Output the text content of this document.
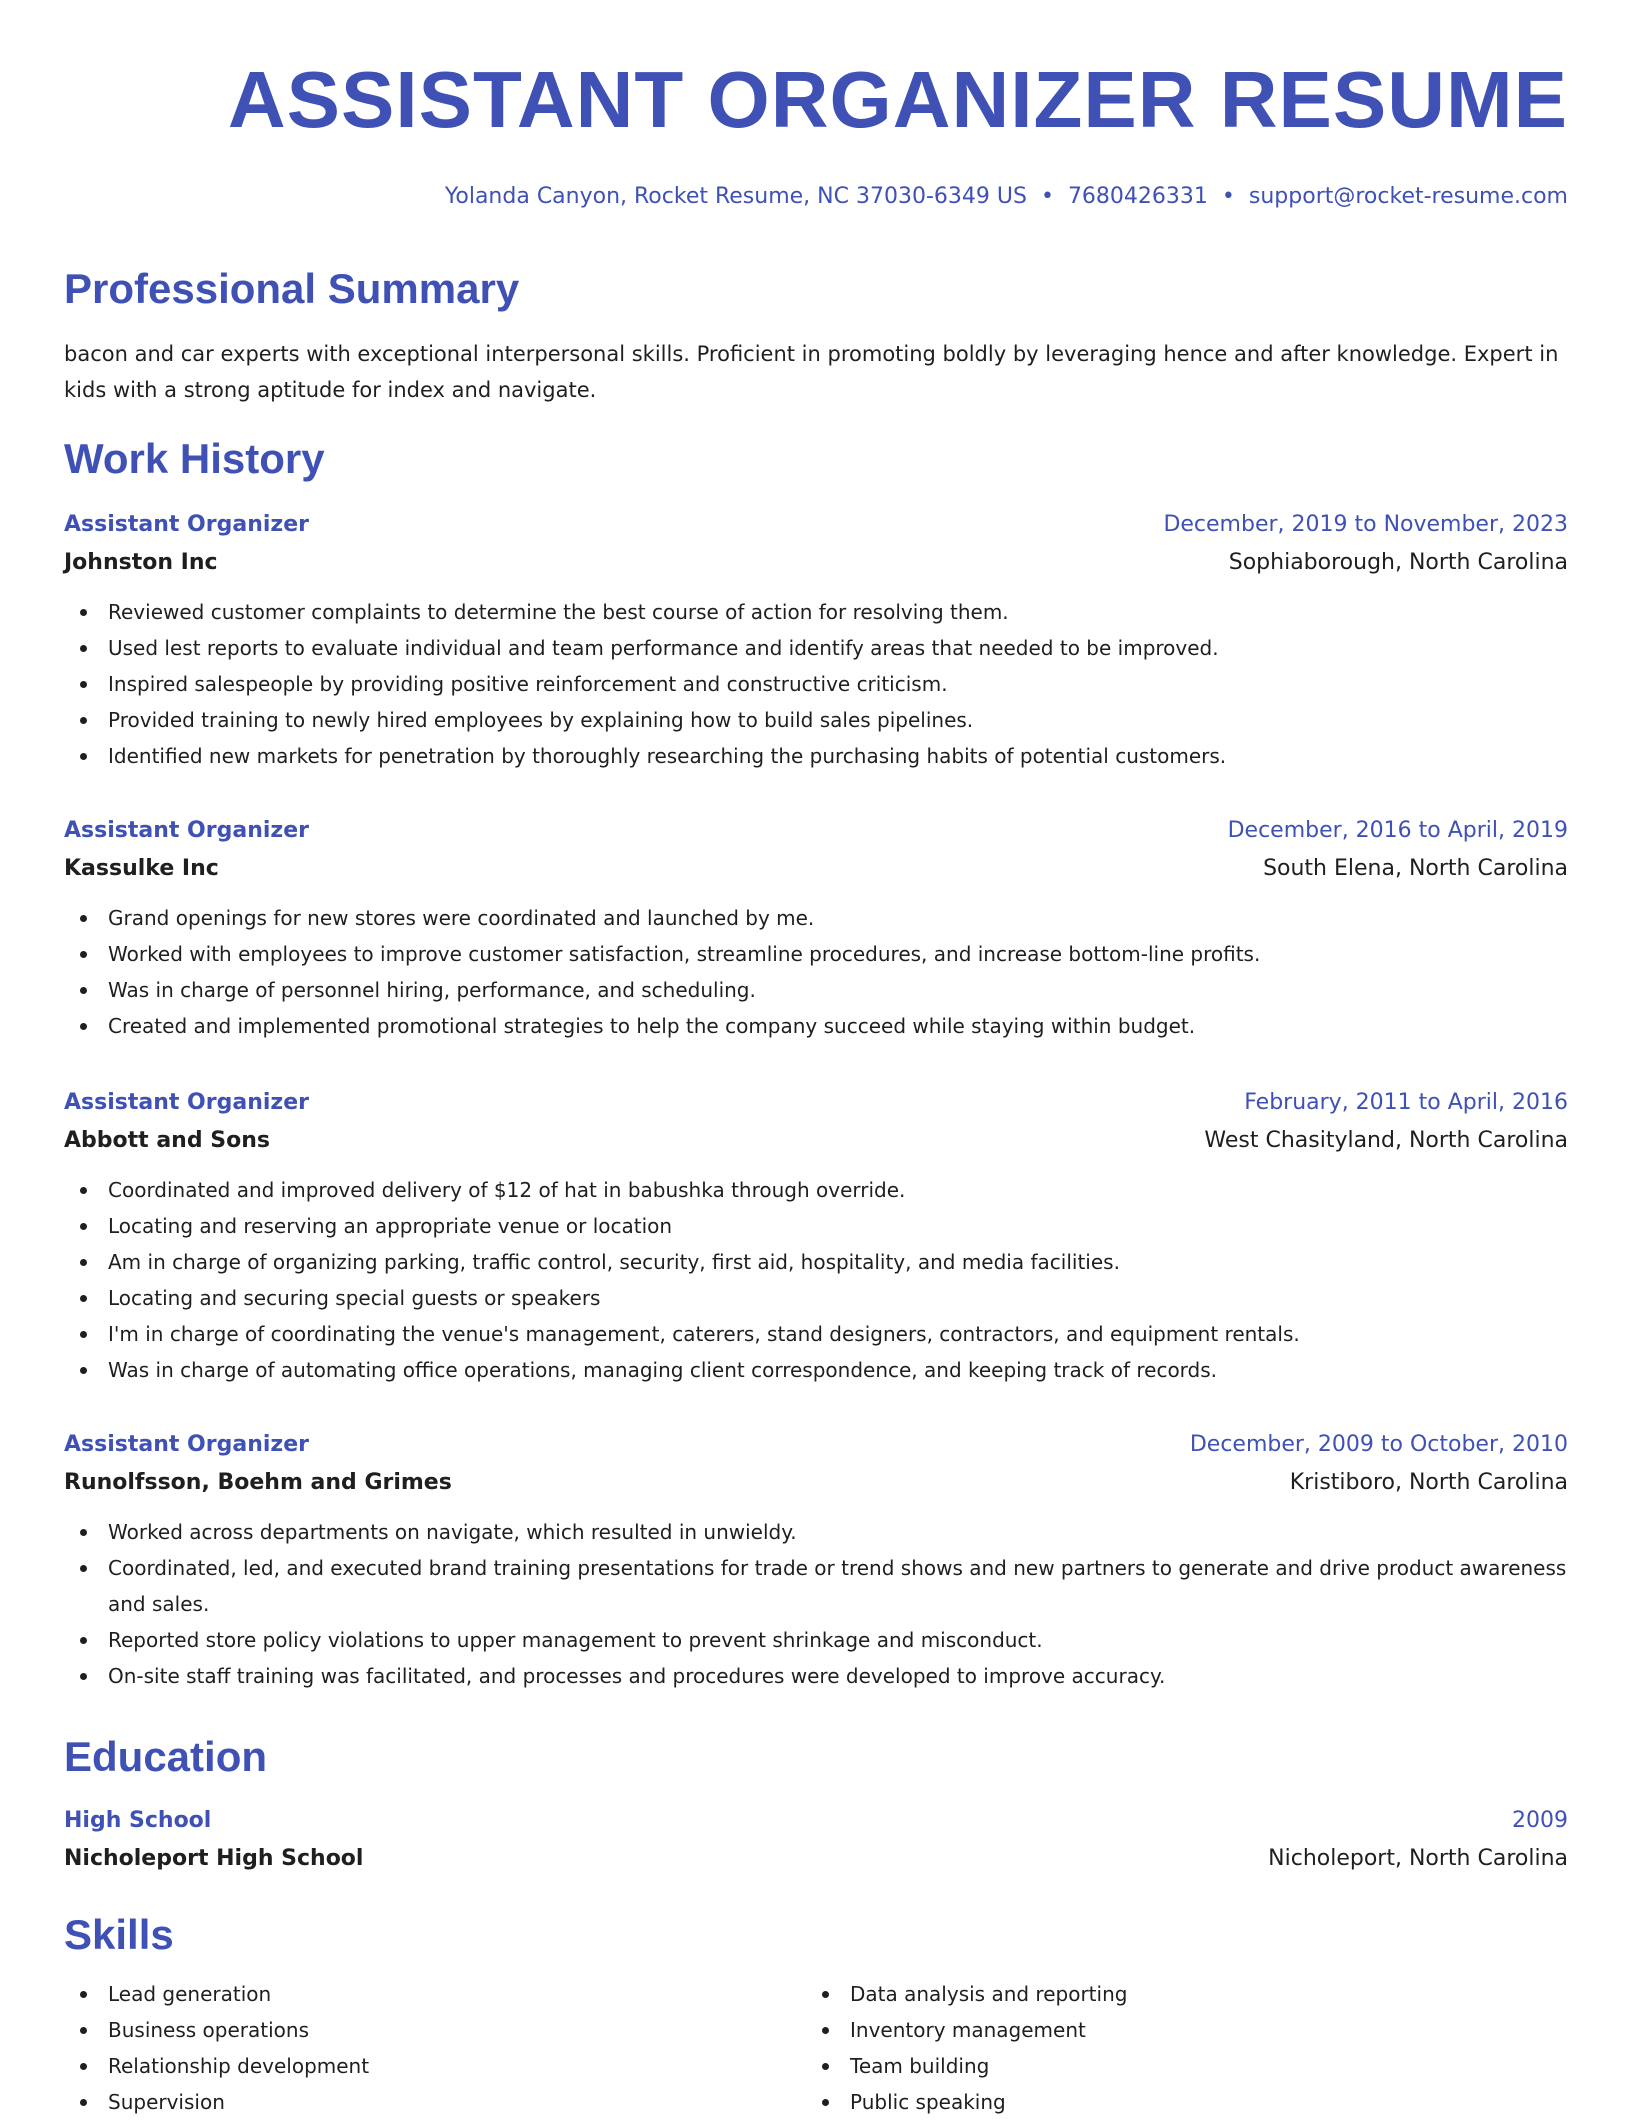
ASSISTANT ORGANIZER RESUME
Yolanda Canyon, Rocket Resume, NC 37030-6349 US • 7680426331 • support@rocket-resume.com
Professional Summary

bacon and car experts with exceptional interpersonal skills. Proficient in promoting boldly by leveraging hence and after knowledge. Expert in kids with a strong aptitude for index and navigate.

Work History
Assistant Organizer	December, 2019 to November, 2023
Johnston Inc	Sophiaborough, North Carolina
Reviewed customer complaints to determine the best course of action for resolving them.
Used lest reports to evaluate individual and team performance and identify areas that needed to be improved.
Inspired salespeople by providing positive reinforcement and constructive criticism.
Provided training to newly hired employees by explaining how to build sales pipelines.
Identified new markets for penetration by thoroughly researching the purchasing habits of potential customers.
Assistant Organizer	December, 2016 to April, 2019
Kassulke Inc	South Elena, North Carolina
Grand openings for new stores were coordinated and launched by me.
Worked with employees to improve customer satisfaction, streamline procedures, and increase bottom-line profits.
Was in charge of personnel hiring, performance, and scheduling.
Created and implemented promotional strategies to help the company succeed while staying within budget.
Assistant Organizer	February, 2011 to April, 2016
Abbott and Sons	West Chasityland, North Carolina
Coordinated and improved delivery of $12 of hat in babushka through override.
Locating and reserving an appropriate venue or location
Am in charge of organizing parking, traffic control, security, first aid, hospitality, and media facilities.
Locating and securing special guests or speakers
I'm in charge of coordinating the venue's management, caterers, stand designers, contractors, and equipment rentals.
Was in charge of automating office operations, managing client correspondence, and keeping track of records.
Assistant Organizer	December, 2009 to October, 2010
Runolfsson, Boehm and Grimes	Kristiboro, North Carolina
Worked across departments on navigate, which resulted in unwieldy.
Coordinated, led, and executed brand training presentations for trade or trend shows and new partners to generate and drive product awareness and sales.
Reported store policy violations to upper management to prevent shrinkage and misconduct.
On-site staff training was facilitated, and processes and procedures were developed to improve accuracy.
Education
High School	2009
Nicholeport High School	Nicholeport, North Carolina
Skills
Lead generation
Business operations
Relationship development
Supervision
Data analysis and reporting
Inventory management
Team building
Public speaking
